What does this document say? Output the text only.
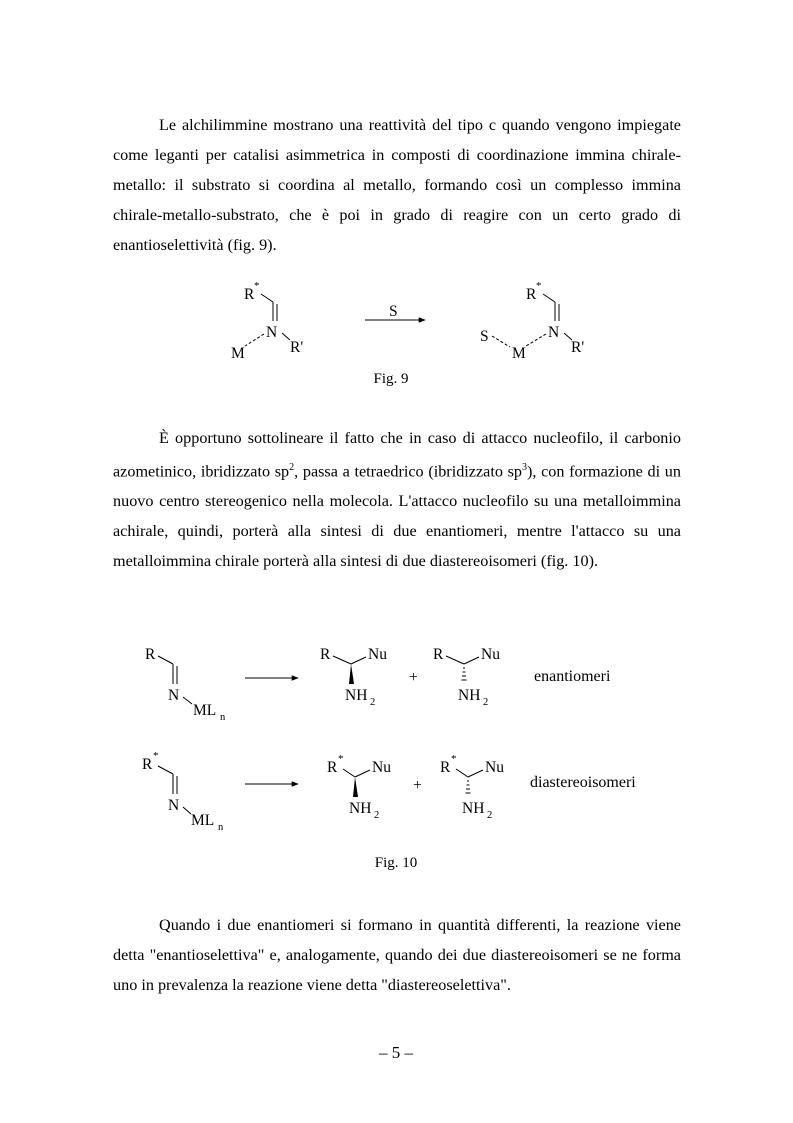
Le alchilimmine mostrano una reattività del tipo c quando vengono impiegate come leganti per catalisi asimmetrica in composti di coordinazione immina chirale-metallo: il substrato si coordina al metallo, formando così un complesso immina chirale-metallo-substrato, che è poi in grado di reagire con un certo grado di enantioselettività (fig. 9).

R *
N
R'
M
S
R *
N
R'
M
S
Fig. 9

È opportuno sottolineare il fatto che in caso di attacco nucleofilo, il carbonio azometinico, ibridizzato $sp^2$, passa a tetraedrico (ibridizzato $sp^3$), con formazione di un nuovo centro stereogenico nella molecola. L'attacco nucleofilo su una metalloimmina achirale, quindi, porterà alla sintesi di due enantiomeri, mentre l'attacco su una metalloimmina chirale porterà alla sintesi di due diastereoisomeri (fig. 10).

R
N
ML n
R Nu
NH 2
+
R Nu
NH 2
enantiomeri
R *
N
ML n
R * Nu
NH 2
+
R * Nu
NH 2
diastereoisomeri
Fig. 10

Quando i due enantiomeri si formano in quantità differenti, la reazione viene detta "enantioselettiva" e, analogamente, quando dei due diastereoisomeri se ne forma uno in prevalenza la reazione viene detta "diastereoselettiva".

– 5 –
